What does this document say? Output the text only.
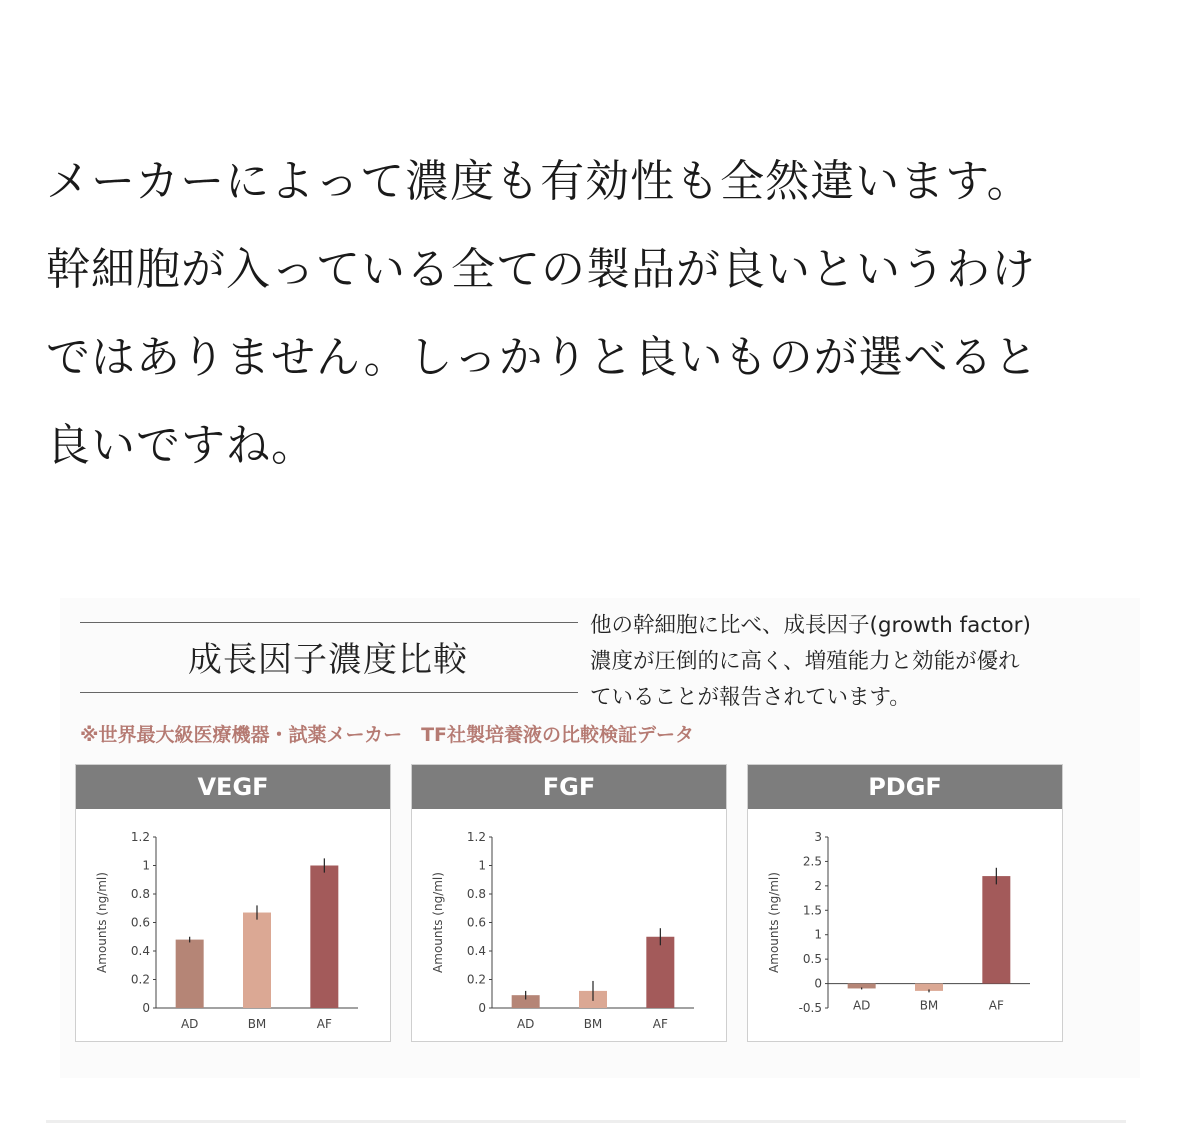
メーカーによって濃度も有効性も全然違います。
幹細胞が入っている全ての製品が良いというわけ
ではありません。しっかりと良いものが選べると
良いですね。
成長因子濃度比較
他の幹細胞に比べ、成長因子(growth factor)
濃度が圧倒的に高く、増殖能力と効能が優れ
ていることが報告されています。
※世界最大級医療機器・試薬メーカー　TF社製培養液の比較検証データ
VEGF
0
0.2
0.4
0.6
0.8
1
1.2
Amounts (ng/ml)
AD	BM	AF
FGF
0
0.2
0.4
0.6
0.8
1
1.2
Amounts (ng/ml)
AD	BM	AF
PDGF
-0.5
0
0.5
1
1.5
2
2.5
3
Amounts (ng/ml)
AD	BM	AF
